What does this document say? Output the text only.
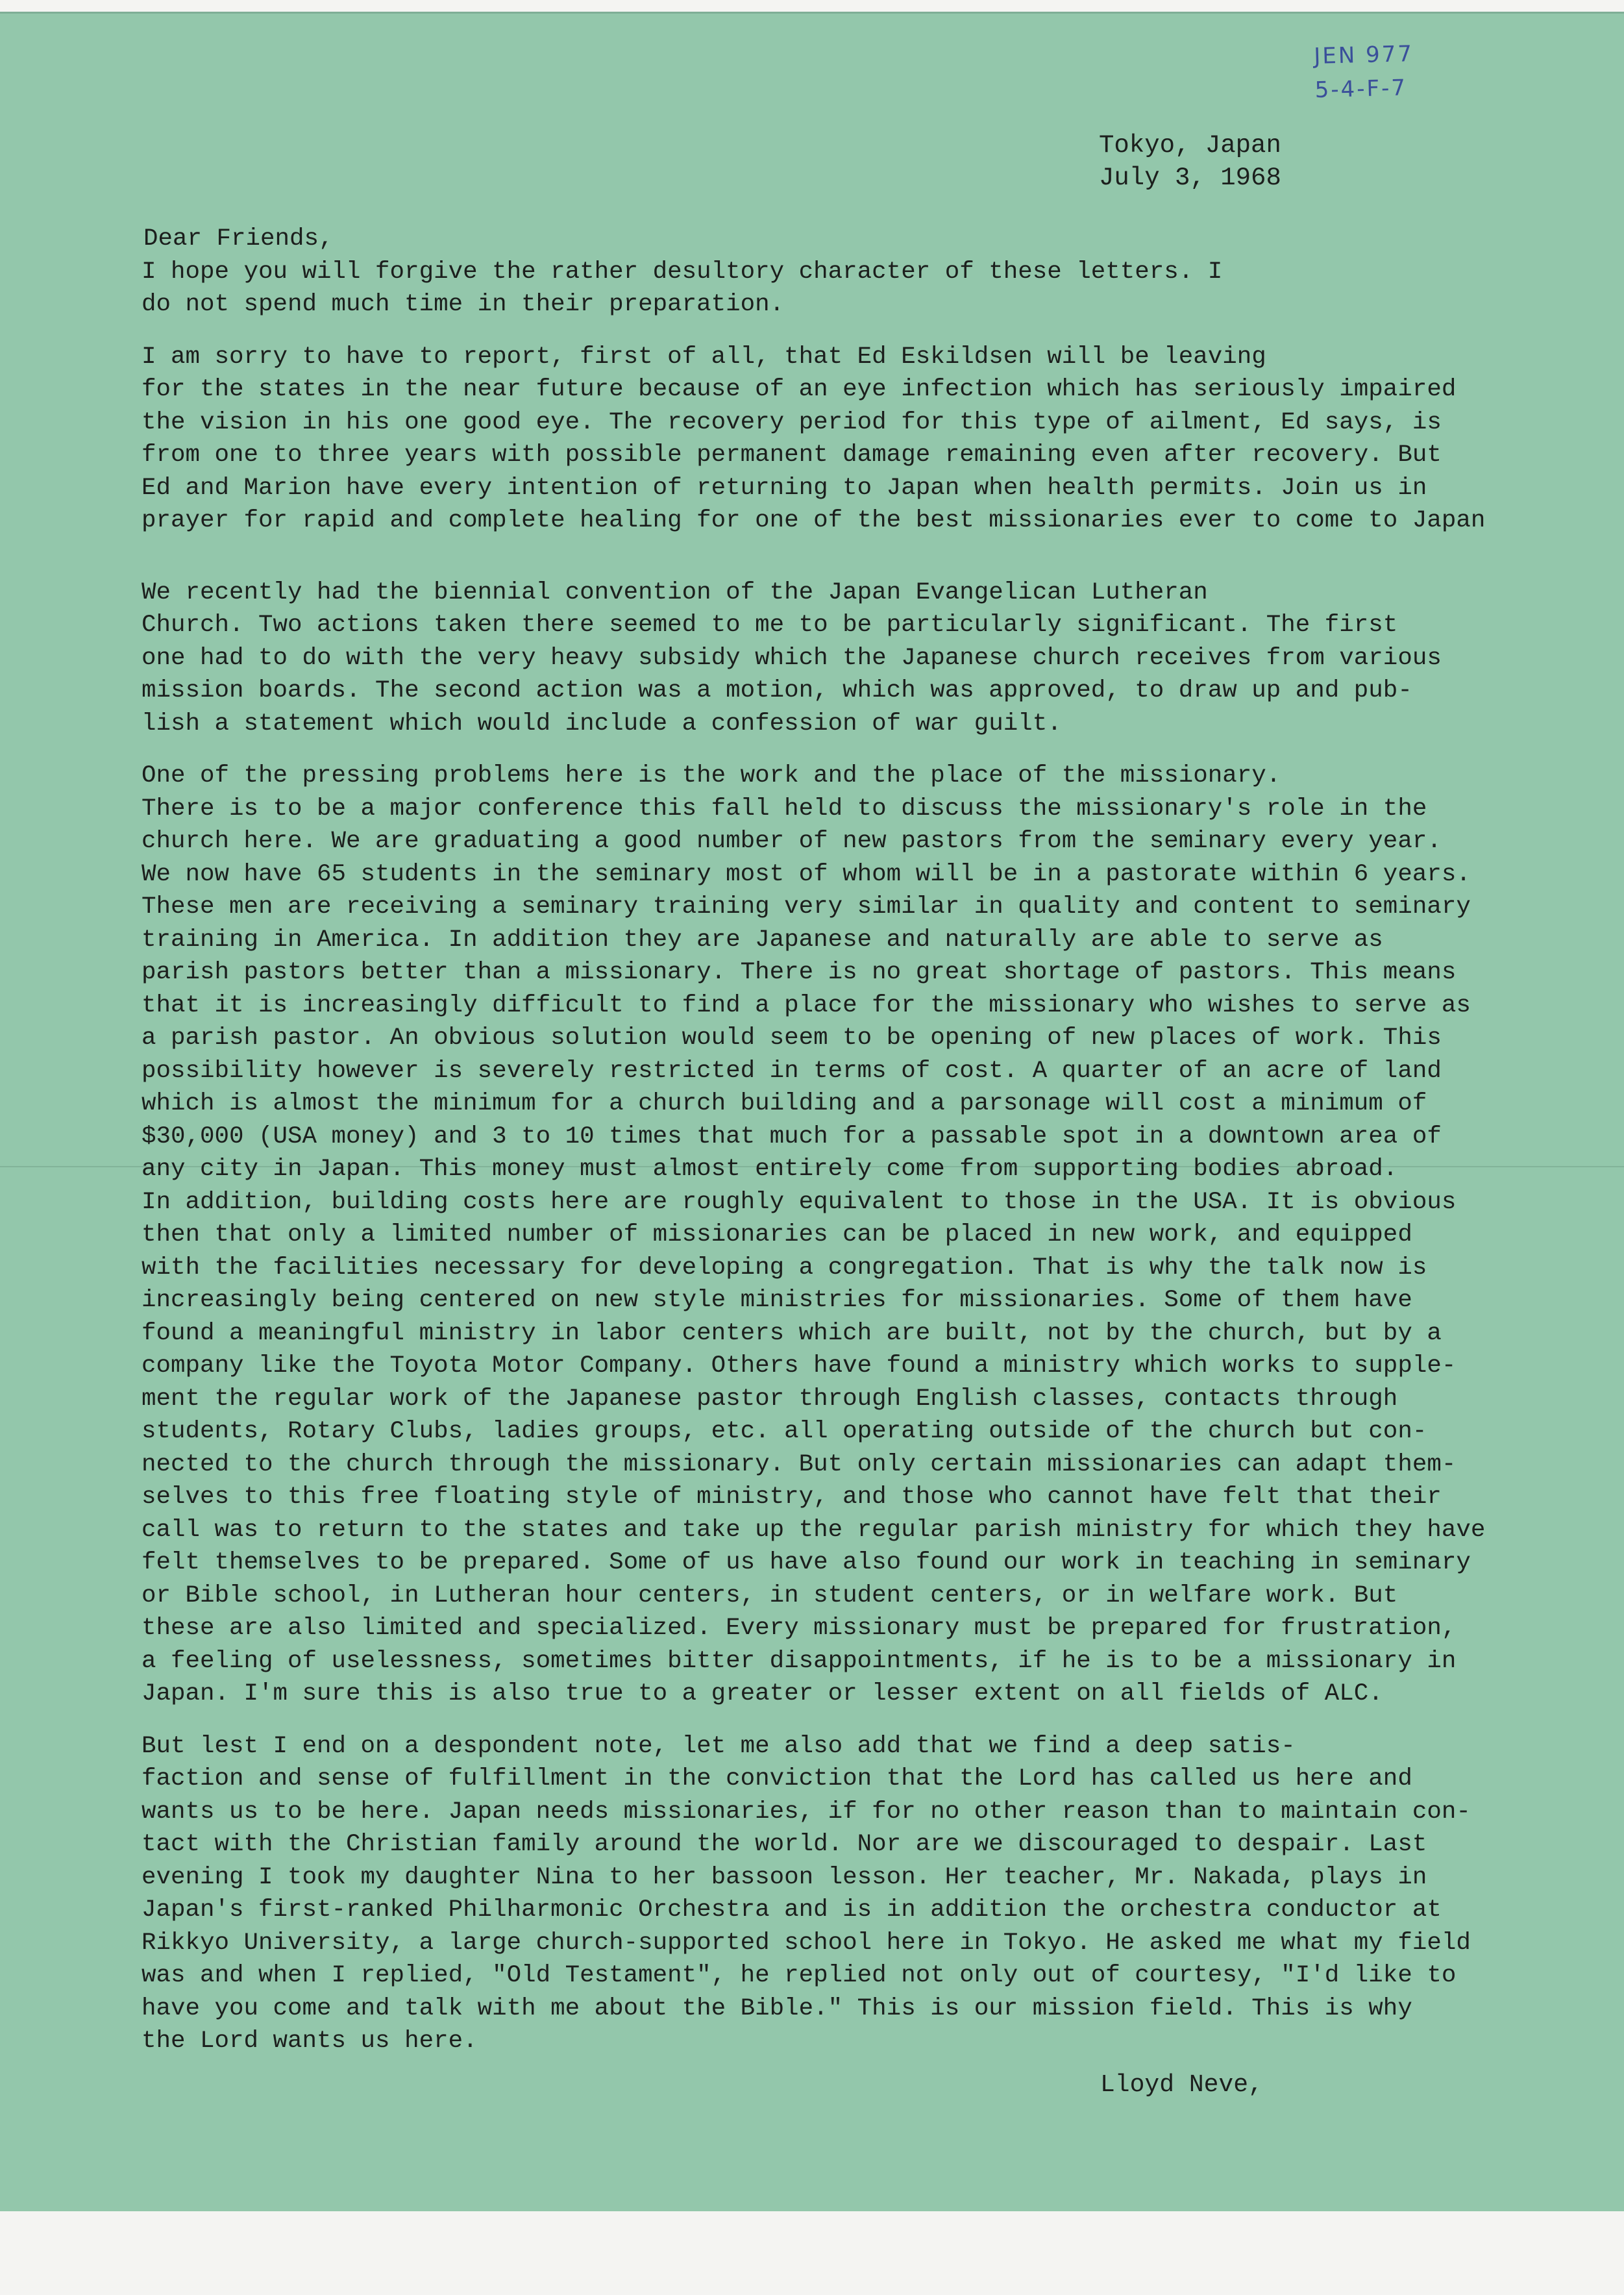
JEN 977
5-4-F-7
Tokyo, Japan
July 3, 1968
Dear Friends,

I hope you will forgive the rather desultory character of these letters. I
do not spend much time in their preparation.

I am sorry to have to report, first of all, that Ed Eskildsen will be leaving
for the states in the near future because of an eye infection which has seriously impaired
the vision in his one good eye. The recovery period for this type of ailment, Ed says, is
from one to three years with possible permanent damage remaining even after recovery. But
Ed and Marion have every intention of returning to Japan when health permits. Join us in
prayer for rapid and complete healing for one of the best missionaries ever to come to Japan

We recently had the biennial convention of the Japan Evangelican Lutheran
Church. Two actions taken there seemed to me to be particularly significant. The first
one had to do with the very heavy subsidy which the Japanese church receives from various
mission boards. The second action was a motion, which was approved, to draw up and pub-
lish a statement which would include a confession of war guilt.

One of the pressing problems here is the work and the place of the missionary.
There is to be a major conference this fall held to discuss the missionary's role in the
church here. We are graduating a good number of new pastors from the seminary every year.
We now have 65 students in the seminary most of whom will be in a pastorate within 6 years.
These men are receiving a seminary training very similar in quality and content to seminary
training in America. In addition they are Japanese and naturally are able to serve as
parish pastors better than a missionary. There is no great shortage of pastors. This means
that it is increasingly difficult to find a place for the missionary who wishes to serve as
a parish pastor. An obvious solution would seem to be opening of new places of work. This
possibility however is severely restricted in terms of cost. A quarter of an acre of land
which is almost the minimum for a church building and a parsonage will cost a minimum of
$30,000 (USA money) and 3 to 10 times that much for a passable spot in a downtown area of
any city in Japan. This money must almost entirely come from supporting bodies abroad.
In addition, building costs here are roughly equivalent to those in the USA. It is obvious
then that only a limited number of missionaries can be placed in new work, and equipped
with the facilities necessary for developing a congregation. That is why the talk now is
increasingly being centered on new style ministries for missionaries. Some of them have
found a meaningful ministry in labor centers which are built, not by the church, but by a
company like the Toyota Motor Company. Others have found a ministry which works to supple-
ment the regular work of the Japanese pastor through English classes, contacts through
students, Rotary Clubs, ladies groups, etc. all operating outside of the church but con-
nected to the church through the missionary. But only certain missionaries can adapt them-
selves to this free floating style of ministry, and those who cannot have felt that their
call was to return to the states and take up the regular parish ministry for which they have
felt themselves to be prepared. Some of us have also found our work in teaching in seminary
or Bible school, in Lutheran hour centers, in student centers, or in welfare work. But
these are also limited and specialized. Every missionary must be prepared for frustration,
a feeling of uselessness, sometimes bitter disappointments, if he is to be a missionary in
Japan. I'm sure this is also true to a greater or lesser extent on all fields of ALC.

But lest I end on a despondent note, let me also add that we find a deep satis-
faction and sense of fulfillment in the conviction that the Lord has called us here and
wants us to be here. Japan needs missionaries, if for no other reason than to maintain con-
tact with the Christian family around the world. Nor are we discouraged to despair. Last
evening I took my daughter Nina to her bassoon lesson. Her teacher, Mr. Nakada, plays in
Japan's first-ranked Philharmonic Orchestra and is in addition the orchestra conductor at
Rikkyo University, a large church-supported school here in Tokyo. He asked me what my field
was and when I replied, "Old Testament", he replied not only out of courtesy, "I'd like to
have you come and talk with me about the Bible." This is our mission field. This is why
the Lord wants us here.

Lloyd Neve,
